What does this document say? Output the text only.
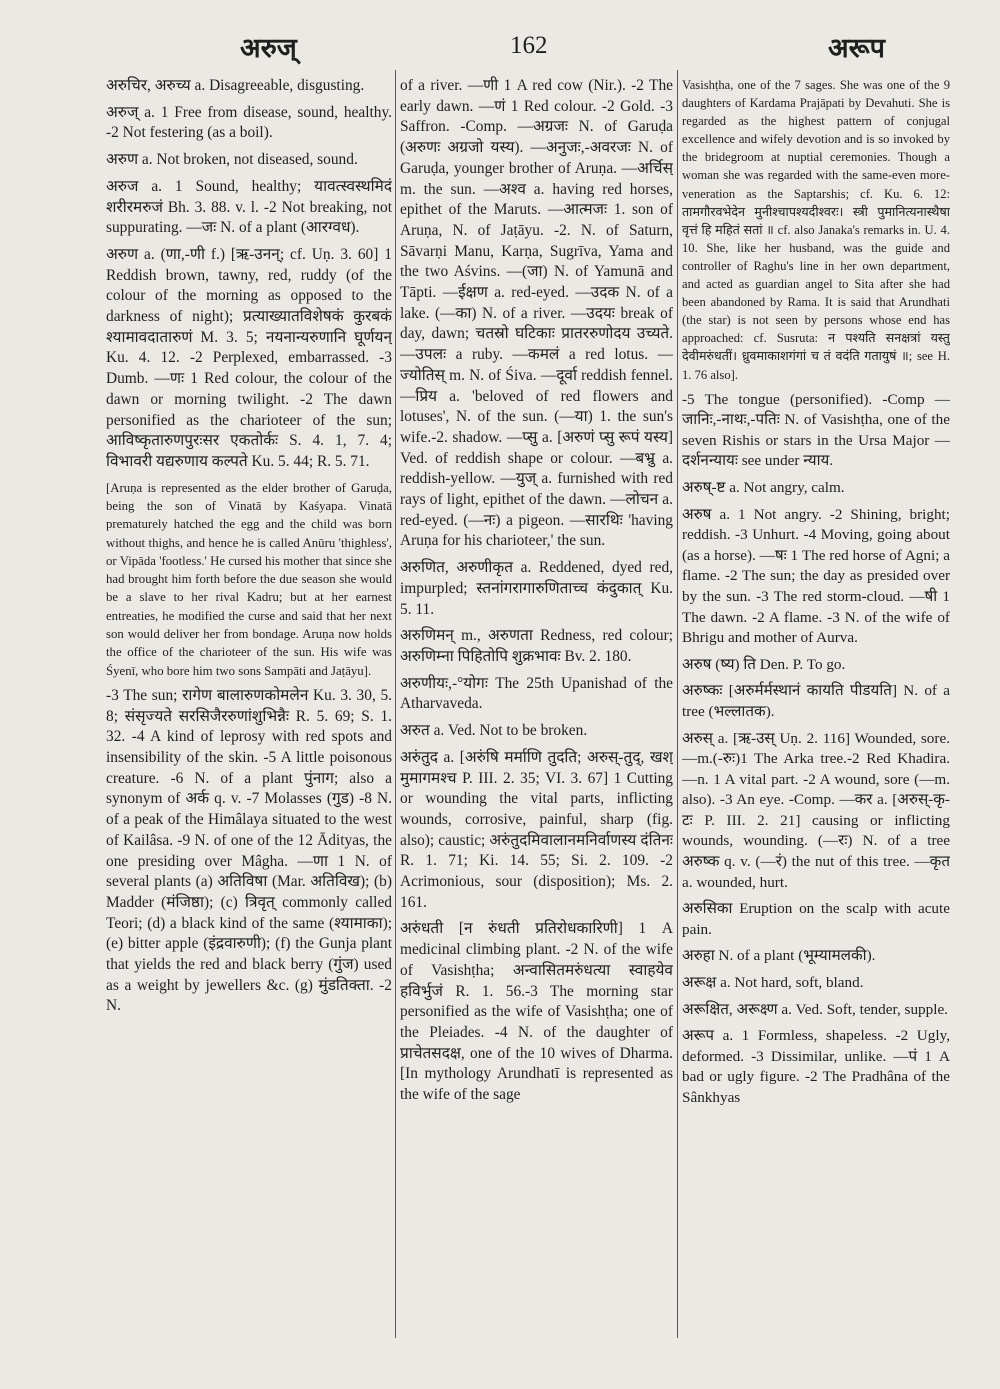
अरुज्	162	अरूप

अरुचिर, अरुच्य a. Disagreeable, disgusting.

अरुज् a. 1 Free from disease, sound, healthy. -2 Not festering (as a boil).

अरुण a. Not broken, not diseased, sound.

अरुज a. 1 Sound, healthy; यावत्स्वस्थमिदं शरीरमरुजं Bh. 3. 88. v. l. -2 Not breaking, not suppurating. —जः N. of a plant (आरग्वध).

अरुण a. (णा,-णी f.) [ऋ-उनन्; cf. Uṇ. 3. 60] 1 Reddish brown, tawny, red, ruddy (of the colour of the morning as opposed to the darkness of night); प्रत्याख्यातविशेषकं कुरबकं श्यामावदातारुणं M. 3. 5; नयनान्यरुणानि घूर्णयन् Ku. 4. 12. -2 Perplexed, embarrassed. -3 Dumb. —णः 1 Red colour, the colour of the dawn or morning twilight. -2 The dawn personified as the charioteer of the sun; आविष्कृतारुणपुरःसर एकतोर्कः S. 4. 1, 7. 4; विभावरी यद्यरुणाय कल्पते Ku. 5. 44; R. 5. 71.

[Aruṇa is represented as the elder brother of Garuḍa, being the son of Vinatā by Kaśyapa. Vinatā prematurely hatched the egg and the child was born without thighs, and hence he is called Anūru 'thighless', or Vipāda 'footless.' He cursed his mother that since she had brought him forth before the due season she would be a slave to her rival Kadru; but at her earnest entreaties, he modified the curse and said that her next son would deliver her from bondage. Aruṇa now holds the office of the charioteer of the sun. His wife was Śyenī, who bore him two sons Sampāti and Jaṭāyu].

-3 The sun; रागेण बालारुणकोमलेन Ku. 3. 30, 5. 8; संसृज्यते सरसिजैररुणांशुभिन्नैः R. 5. 69; S. 1. 32. -4 A kind of leprosy with red spots and insensibility of the skin. -5 A little poisonous creature. -6 N. of a plant पुंनाग; also a synonym of अर्क q. v. -7 Molasses (गुड) -8 N. of a peak of the Himâlaya situated to the west of Kailâsa. -9 N. of one of the 12 Ādityas, the one presiding over Mâgha. —णा 1 N. of several plants (a) अतिविषा (Mar. अतिविख); (b) Madder (मंजिष्ठा); (c) त्रिवृत् commonly called Teori; (d) a black kind of the same (श्यामाका); (e) bitter apple (इंद्रवारुणी); (f) the Gunja plant that yields the red and black berry (गुंज) used as a weight by jewellers &c. (g) मुंडतिक्ता. -2 N.

of a river. —णी 1 A red cow (Nir.). -2 The early dawn. —णं 1 Red colour. -2 Gold. -3 Saffron. -Comp. —अग्रजः N. of Garuḍa (अरुणः अग्रजो यस्य). —अनुजः,-अवरजः N. of Garuḍa, younger brother of Aruṇa. —अर्चिस् m. the sun. —अश्व a. having red horses, epithet of the Maruts. —आत्मजः 1. son of Aruṇa, N. of Jaṭāyu. -2. N. of Saturn, Sāvarṇi Manu, Karṇa, Sugrīva, Yama and the two Aśvins. —(जा) N. of Yamunā and Tāpti. —ईक्षण a. red-eyed. —उदक N. of a lake. (—का) N. of a river. —उदयः break of day, dawn; चतस्रो घटिकाः प्रातररुणोदय उच्यते. —उपलः a ruby. —कमलं a red lotus. —ज्योतिस् m. N. of Śiva. —दूर्वा reddish fennel. —प्रिय a. 'beloved of red flowers and lotuses', N. of the sun. (—या) 1. the sun's wife.-2. shadow. —प्सु a. [अरुणं प्सु रूपं यस्य] Ved. of reddish shape or colour. —बभ्रु a. reddish-yellow. —युज् a. furnished with red rays of light, epithet of the dawn. —लोचन a. red-eyed. (—नः) a pigeon. —सारथिः 'having Aruṇa for his charioteer,' the sun.

अरुणित, अरुणीकृत a. Reddened, dyed red, impurpled; स्तनांगरागारुणिताच्च कंदुकात् Ku. 5. 11.

अरुणिमन् m., अरुणता Redness, red colour; अरुणिम्ना पिहितोपि शुक्रभावः Bv. 2. 180.

अरुणीयः,-°योगः The 25th Upanishad of the Atharvaveda.

अरुत a. Ved. Not to be broken.

अरुंतुद a. [अरुंषि मर्माणि तुदति; अरुस्-तुद्, खश् मुमागमश्च P. III. 2. 35; VI. 3. 67] 1 Cutting or wounding the vital parts, inflicting wounds, corrosive, painful, sharp (fig. also); caustic; अरुंतुदमिवालानमनिर्वाणस्य दंतिनः R. 1. 71; Ki. 14. 55; Si. 2. 109. -2 Acrimonious, sour (disposition); Ms. 2. 161.

अरुंधती [न रुंधती प्रतिरोधकारिणी] 1 A medicinal climbing plant. -2 N. of the wife of Vasishṭha; अन्वासितमरुंधत्या स्वाहयेव हविर्भुजं R. 1. 56.-3 The morning star personified as the wife of Vasishṭha; one of the Pleiades. -4 N. of the daughter of प्राचेतसदक्ष, one of the 10 wives of Dharma. [In mythology Arundhatī is represented as the wife of the sage

Vasishṭha, one of the 7 sages. She was one of the 9 daughters of Kardama Prajāpati by Devahuti. She is regarded as the highest pattern of conjugal excellence and wifely devotion and is so invoked by the bridegroom at nuptial ceremonies. Though a woman she was regarded with the same-even more-veneration as the Saptarshis; cf. Ku. 6. 12: तामगौरवभेदेन मुनीश्चापश्यदीश्वरः। स्त्री पुमानित्यनास्थैषा वृत्तं हि महितं सतां ॥ cf. also Janaka's remarks in. U. 4. 10. She, like her husband, was the guide and controller of Raghu's line in her own department, and acted as guardian angel to Sita after she had been abandoned by Rama. It is said that Arundhati (the star) is not seen by persons whose end has approached: cf. Susruta: न पश्यति सनक्षत्रां यस्तु देवीमरुंधतीं। ध्रुवमाकाशगंगां च तं वदंति गतायुषं ॥; see H. 1. 76 also].

-5 The tongue (personified). -Comp —जानिः,-नाथः,-पतिः N. of Vasishṭha, one of the seven Rishis or stars in the Ursa Major —दर्शनन्यायः see under न्याय.

अरुष्-ष्ट a. Not angry, calm.

अरुष a. 1 Not angry. -2 Shining, bright; reddish. -3 Unhurt. -4 Moving, going about (as a horse). —षः 1 The red horse of Agni; a flame. -2 The sun; the day as presided over by the sun. -3 The red storm-cloud. —षी 1 The dawn. -2 A flame. -3 N. of the wife of Bhrigu and mother of Aurva.

अरुष (ष्य) ति Den. P. To go.

अरुष्कः [अरुर्मर्मस्थानं कायति पीडयति] N. of a tree (भल्लातक).

अरुस् a. [ऋ-उस् Uṇ. 2. 116] Wounded, sore. —m.(-रुः)1 The Arka tree.-2 Red Khadira. —n. 1 A vital part. -2 A wound, sore (—m. also). -3 An eye. -Comp. —कर a. [अरुस्-कृ-टः P. III. 2. 21] causing or inflicting wounds, wounding. (—रः) N. of a tree अरुष्क q. v. (—रं) the nut of this tree. —कृत a. wounded, hurt.

अरुसिका Eruption on the scalp with acute pain.

अरुहा N. of a plant (भूम्यामलकी).

अरूक्ष a. Not hard, soft, bland.

अरूक्षित, अरूक्ष्ण a. Ved. Soft, tender, supple.

अरूप a. 1 Formless, shapeless. -2 Ugly, deformed. -3 Dissimilar, unlike. —पं 1 A bad or ugly figure. -2 The Pradhâna of the Sânkhyas
